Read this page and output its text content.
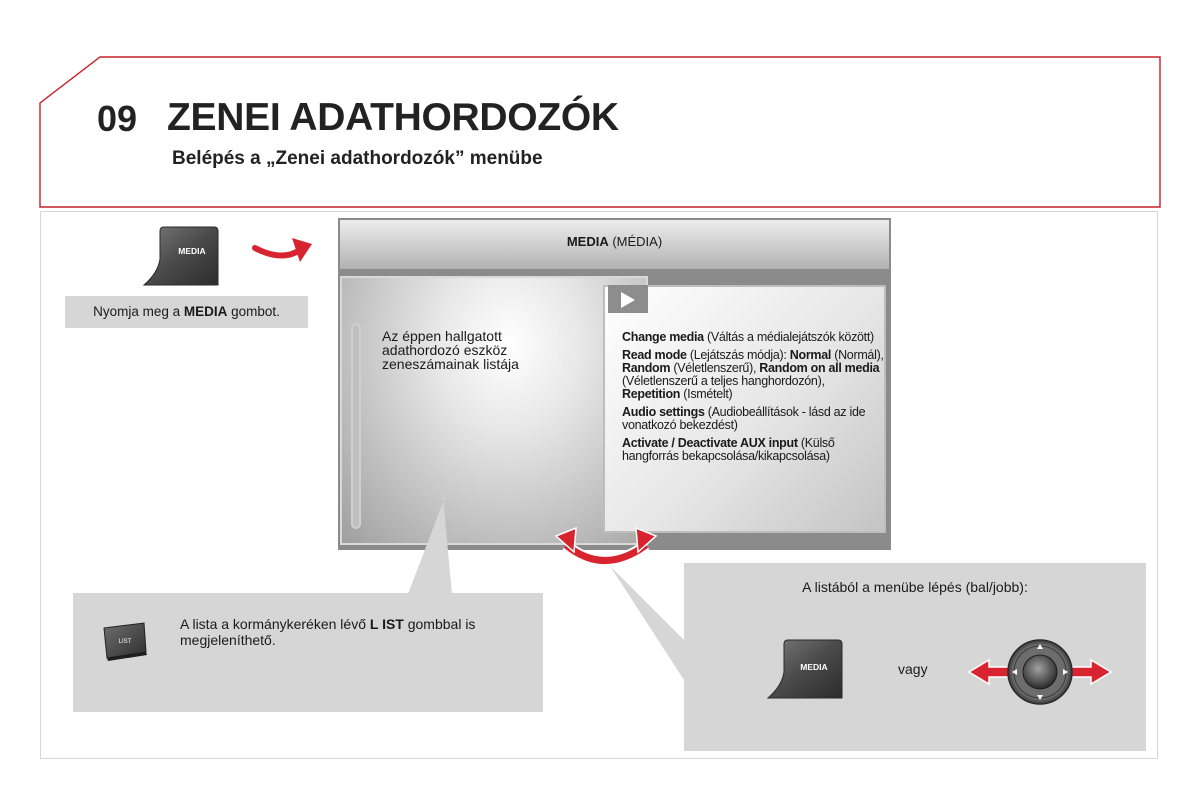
09 ZENEI ADATHORDOZÓK
Belépés a „Zenei adathordozók” menübe
MEDIA
Nyomja meg a MEDIA gombot.
MEDIA (MÉDIA)
Az éppen hallgatott adathordozó eszköz zeneszámainak listája

Change media (Váltás a médialejátszók között)

Read mode (Lejátszás módja): Normal (Normál), Random (Véletlenszerű), Random on all media (Véletlenszerű a teljes hanghordozón), Repetition (Ismételt)

Audio settings (Audiobeállítások - lásd az ide vonatkozó bekezdést)

Activate / Deactivate AUX input (Külső hangforrás bekapcsolása/kikapcsolása)

LIST
A lista a kormánykeréken lévő L IST gombbal is megjeleníthető.
A listából a menübe lépés (bal/jobb):
MEDIA	vagy
